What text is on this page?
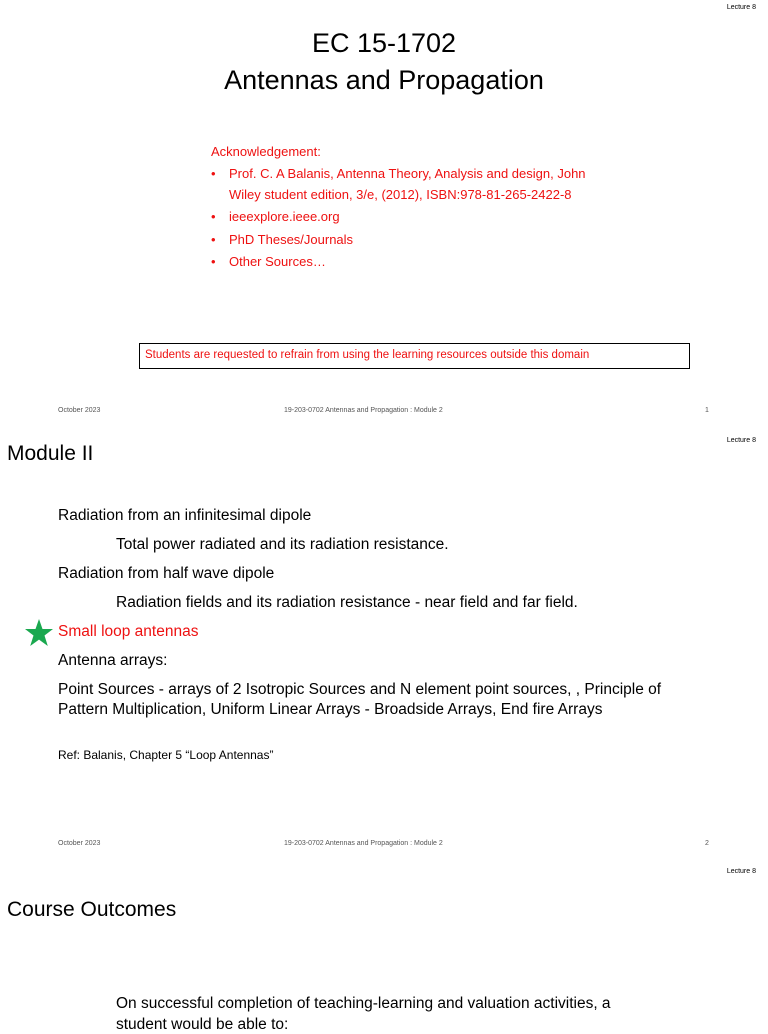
Lecture 8
EC 15-1702
Antennas and Propagation
Acknowledgement:
• Prof. C. A Balanis, Antenna Theory, Analysis and design, John
Wiley student edition, 3/e, (2012), ISBN:978-81-265-2422-8
• ieeexplore.ieee.org
• PhD Theses/Journals
• Other Sources…
Students are requested to refrain from using the learning resources outside this domain
October 2023	19-203-0702 Antennas and Propagation : Module 2	1
Lecture 8
Module II
Radiation from an infinitesimal dipole
Total power radiated and its radiation resistance.
Radiation from half wave dipole
Radiation fields and its radiation resistance - near field and far field.
Small loop antennas
Antenna arrays:
Point Sources - arrays of 2 Isotropic Sources and N element point sources, , Principle of
Pattern Multiplication, Uniform Linear Arrays - Broadside Arrays, End fire Arrays
Ref: Balanis, Chapter 5 “Loop Antennas”
October 2023	19-203-0702 Antennas and Propagation : Module 2	2
Lecture 8
Course Outcomes
On successful completion of teaching-learning and valuation activities, a
student would be able to:
